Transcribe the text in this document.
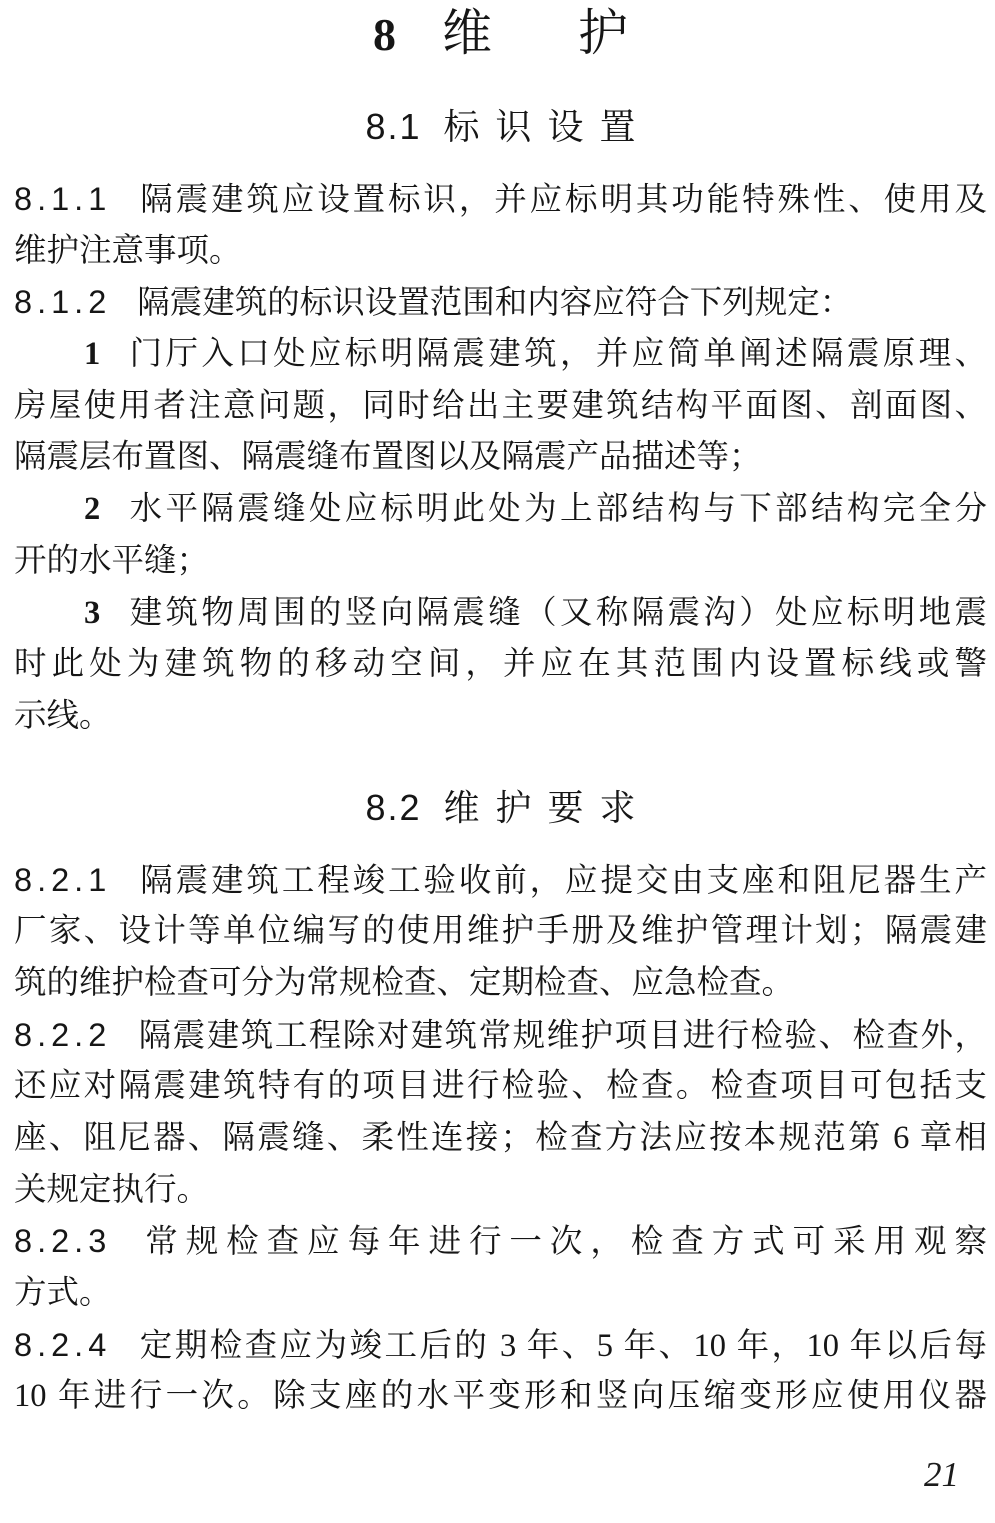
8 维护
8.1 标识设置
8.1.1 隔震建筑应设置标识，并应标明其功能特殊性、使用及
维护注意事项。
8.1.2 隔震建筑的标识设置范围和内容应符合下列规定：
1 门厅入口处应标明隔震建筑，并应简单阐述隔震原理、
房屋使用者注意问题，同时给出主要建筑结构平面图、剖面图、
隔震层布置图、隔震缝布置图以及隔震产品描述等；
2 水平隔震缝处应标明此处为上部结构与下部结构完全分
开的水平缝；
3 建筑物周围的竖向隔震缝（又称隔震沟）处应标明地震
时此处为建筑物的移动空间，并应在其范围内设置标线或警
示线。
8.2 维护要求
8.2.1 隔震建筑工程竣工验收前，应提交由支座和阻尼器生产
厂家、设计等单位编写的使用维护手册及维护管理计划；隔震建
筑的维护检查可分为常规检查、定期检查、应急检查。
8.2.2 隔震建筑工程除对建筑常规维护项目进行检验、检查外，
还应对隔震建筑特有的项目进行检验、检查。检查项目可包括支
座、阻尼器、隔震缝、柔性连接；检查方法应按本规范第 6 章相
关规定执行。
8.2.3 常规检查应每年进行一次，检查方式可采用观察
方式。
8.2.4 定期检查应为竣工后的 3 年、5 年、10 年，10 年以后每
10 年进行一次。除支座的水平变形和竖向压缩变形应使用仪器
21
